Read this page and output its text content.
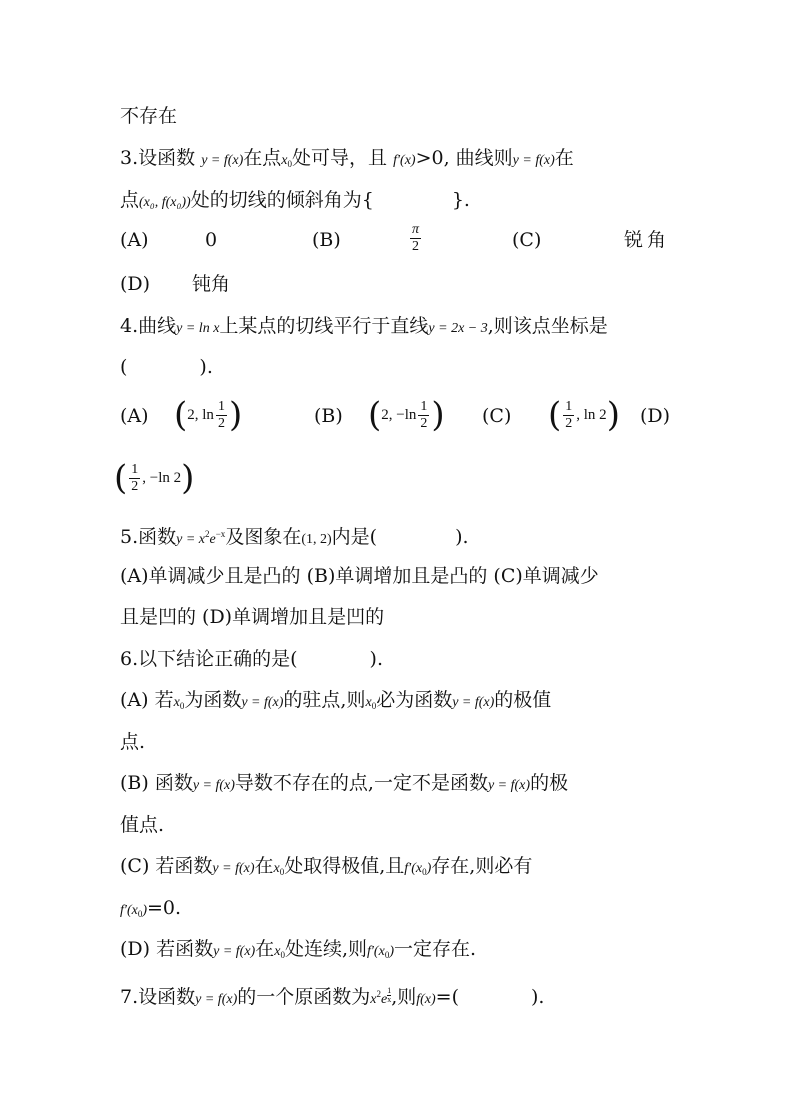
不存在
3.设函数 y = f(x)在点$x_0$处可导，且 f′(x)>0, 曲线则y = f(x)在
点(x₀, f(x₀))处的切线的倾斜角为{	}.
(A)	0	(B)	$\frac{\pi}{2}$	(C)	锐角
(D) 钝角
4.曲线y = ln x上某点的切线平行于直线y = 2x − 3,则该点坐标是
(	).
(A) ( 2, $\ln \frac{1}{2}$ )	(B) ( 2, $-\ln \frac{1}{2}$ ) (C) ( $\frac{1}{2}$ , ln 2 ) (D)
( $\frac{1}{2}$ , −ln 2 )
5.函数$y = x^2e^{-x}$及图象在(1, 2)内是(	).
(A)单调减少且是凸的 (B)单调增加且是凸的 (C)单调减少
且是凹的 (D)单调增加且是凹的
6.以下结论正确的是(	).
(A) 若$x_0$为函数y = f(x)的驻点,则$x_0$必为函数y = f(x)的极值
点.
(B) 函数y = f(x)导数不存在的点,一定不是函数y = f(x)的极
值点.
(C) 若函数y = f(x)在$x_0$处取得极值,且$f'(x_0)$存在,则必有
$f'(x_0)=0$.
(D) 若函数y = f(x)在$x_0$处连续,则$f'(x_0)$一定存在.
7.设函数y = f(x)的一个原函数为$x^2e \frac{1}{x}$ ,则f(x)=(	).
